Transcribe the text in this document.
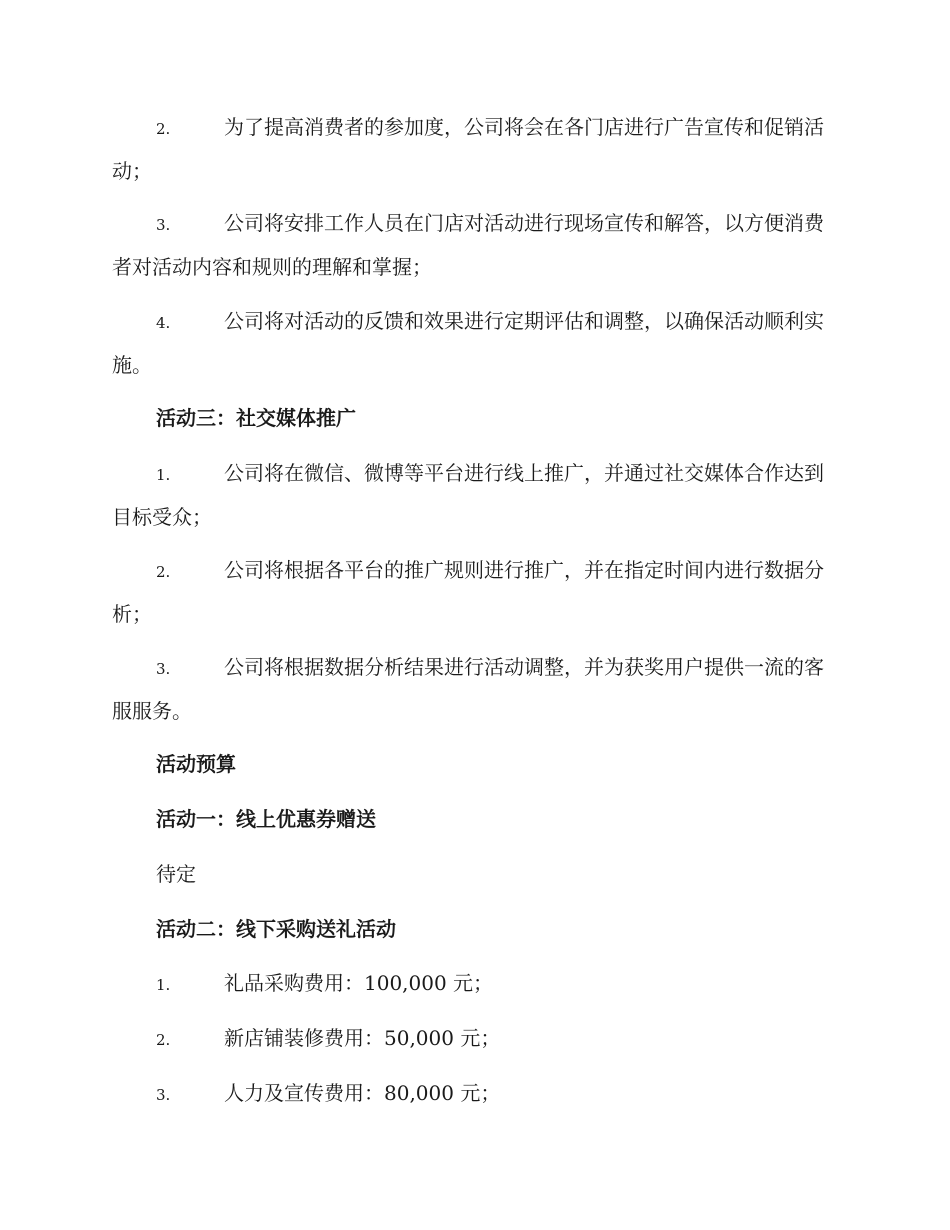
2.	为了提高消费者的参加度，公司将会在各门店进行广告宣传和促销活动；
3.	公司将安排工作人员在门店对活动进行现场宣传和解答，以方便消费者对活动内容和规则的理解和掌握；
4.	公司将对活动的反馈和效果进行定期评估和调整，以确保活动顺利实施。
活动三：社交媒体推广
1.	公司将在微信、微博等平台进行线上推广，并通过社交媒体合作达到目标受众；
2.	公司将根据各平台的推广规则进行推广，并在指定时间内进行数据分析；
3.	公司将根据数据分析结果进行活动调整，并为获奖用户提供一流的客服服务。
活动预算
活动一：线上优惠券赠送
待定
活动二：线下采购送礼活动
1.	礼品采购费用：100,000 元；
2.	新店铺装修费用：50,000 元；
3.	人力及宣传费用：80,000 元；
